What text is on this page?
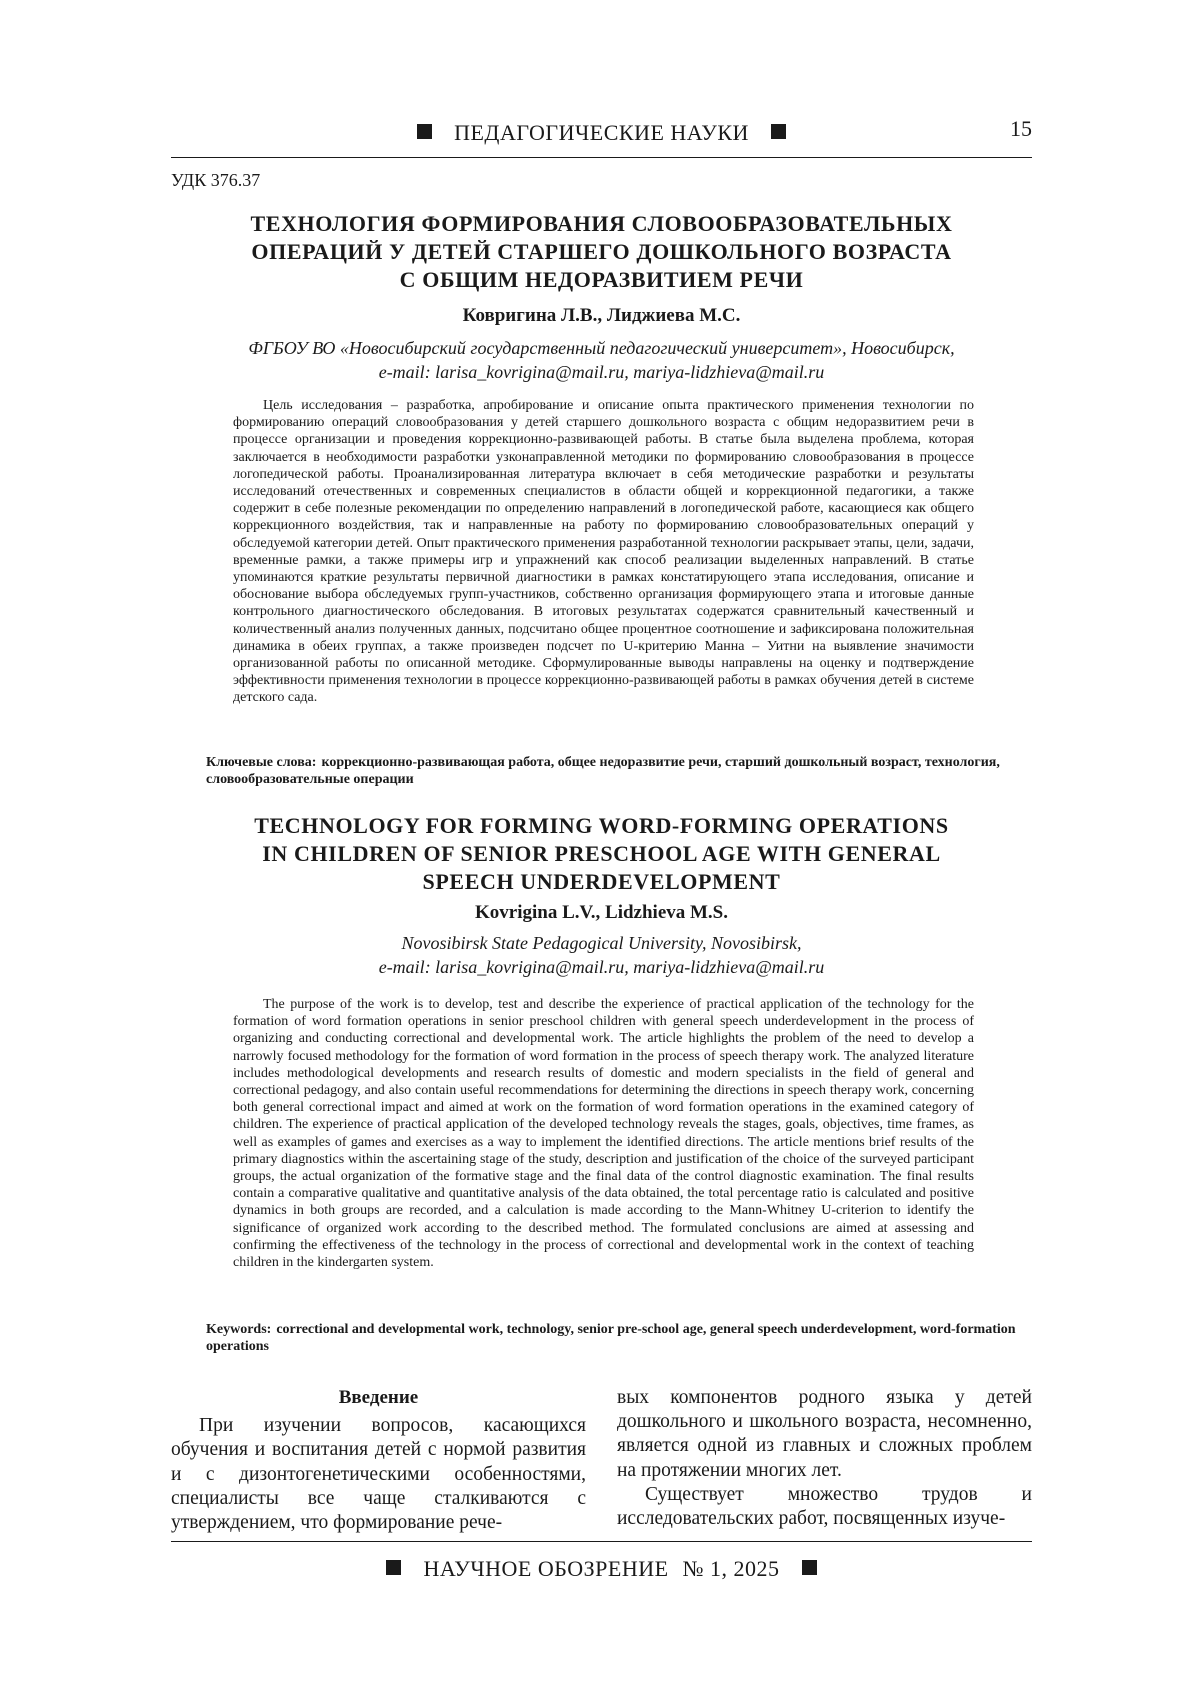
ПЕДАГОГИЧЕСКИЕ НАУКИ	15
УДК 376.37
ТЕХНОЛОГИЯ ФОРМИРОВАНИЯ СЛОВООБРАЗОВАТЕЛЬНЫХ
ОПЕРАЦИЙ У ДЕТЕЙ СТАРШЕГО ДОШКОЛЬНОГО ВОЗРАСТА
С ОБЩИМ НЕДОРАЗВИТИЕМ РЕЧИ
Ковригина Л.В., Лиджиева М.С.
ФГБОУ ВО «Новосибирский государственный педагогический университет», Новосибирск,
e-mail: larisa_kovrigina@mail.ru, mariya-lidzhieva@mail.ru

Цель исследования – разработка, апробирование и описание опыта практического применения технологии по формированию операций словообразования у детей старшего дошкольного возраста с общим недоразвитием речи в процессе организации и проведения коррекционно-развивающей работы. В статье была выделена проблема, которая заключается в необходимости разработки узконаправленной методики по формированию словообразования в процессе логопедической работы. Проанализированная литература включает в себя методические разработки и результаты исследований отечественных и современных специалистов в области общей и коррекционной педагогики, а также содержит в себе полезные рекомендации по определению направлений в логопедической работе, касающиеся как общего коррекционного воздействия, так и направленные на работу по формированию словообразовательных операций у обследуемой категории детей. Опыт практического применения разработанной технологии раскрывает этапы, цели, задачи, временные рамки, а также примеры игр и упражнений как способ реализации выделенных направлений. В статье упоминаются краткие результаты первичной диагностики в рамках констатирующего этапа исследования, описание и обоснование выбора обследуемых групп-участников, собственно организация формирующего этапа и итоговые данные контрольного диагностического обследования. В итоговых результатах содержатся сравнительный качественный и количественный анализ полученных данных, подсчитано общее процентное соотношение и зафиксирована положительная динамика в обеих группах, а также произведен подсчет по U-критерию Манна – Уитни на выявление значимости организованной работы по описанной методике. Сформулированные выводы направлены на оценку и подтверждение эффективности применения технологии в процессе коррекционно-развивающей работы в рамках обучения детей в системе детского сада.

Ключевые слова: коррекционно-развивающая работа, общее недоразвитие речи, старший дошкольный возраст, технология, словообразовательные операции

TECHNOLOGY FOR FORMING WORD-FORMING OPERATIONS
IN CHILDREN OF SENIOR PRESCHOOL AGE WITH GENERAL
SPEECH UNDERDEVELOPMENT
Kovrigina L.V., Lidzhieva M.S.
Novosibirsk State Pedagogical University, Novosibirsk,
e-mail: larisa_kovrigina@mail.ru, mariya-lidzhieva@mail.ru

The purpose of the work is to develop, test and describe the experience of practical application of the technology for the formation of word formation operations in senior preschool children with general speech underdevelopment in the process of organizing and conducting correctional and developmental work. The article highlights the problem of the need to develop a narrowly focused methodology for the formation of word formation in the process of speech therapy work. The analyzed literature includes methodological developments and research results of domestic and modern specialists in the field of general and correctional pedagogy, and also contain useful recommendations for determining the directions in speech therapy work, concerning both general correctional impact and aimed at work on the formation of word formation operations in the examined category of children. The experience of practical application of the developed technology reveals the stages, goals, objectives, time frames, as well as examples of games and exercises as a way to implement the identified directions. The article mentions brief results of the primary diagnostics within the ascertaining stage of the study, description and justification of the choice of the surveyed participant groups, the actual organization of the formative stage and the final data of the control diagnostic examination. The final results contain a comparative qualitative and quantitative analysis of the data obtained, the total percentage ratio is calculated and positive dynamics in both groups are recorded, and a calculation is made according to the Mann-Whitney U-criterion to identify the significance of organized work according to the described method. The formulated conclusions are aimed at assessing and confirming the effectiveness of the technology in the process of correctional and developmental work in the context of teaching children in the kindergarten system.

Keywords: correctional and developmental work, technology, senior pre-school age, general speech underdevelopment, word-formation operations

Введение

При изучении вопросов, касающихся обучения и воспитания детей с нормой развития и с дизонтогенетическими особенностями, специалисты все чаще сталкиваются с утверждением, что формирование рече-

вых компонентов родного языка у детей дошкольного и школьного возраста, несомненно, является одной из главных и сложных проблем на протяжении многих лет.

Существует множество трудов и исследовательских работ, посвященных изуче-

НАУЧНОЕ ОБОЗРЕНИЕ № 1, 2025
